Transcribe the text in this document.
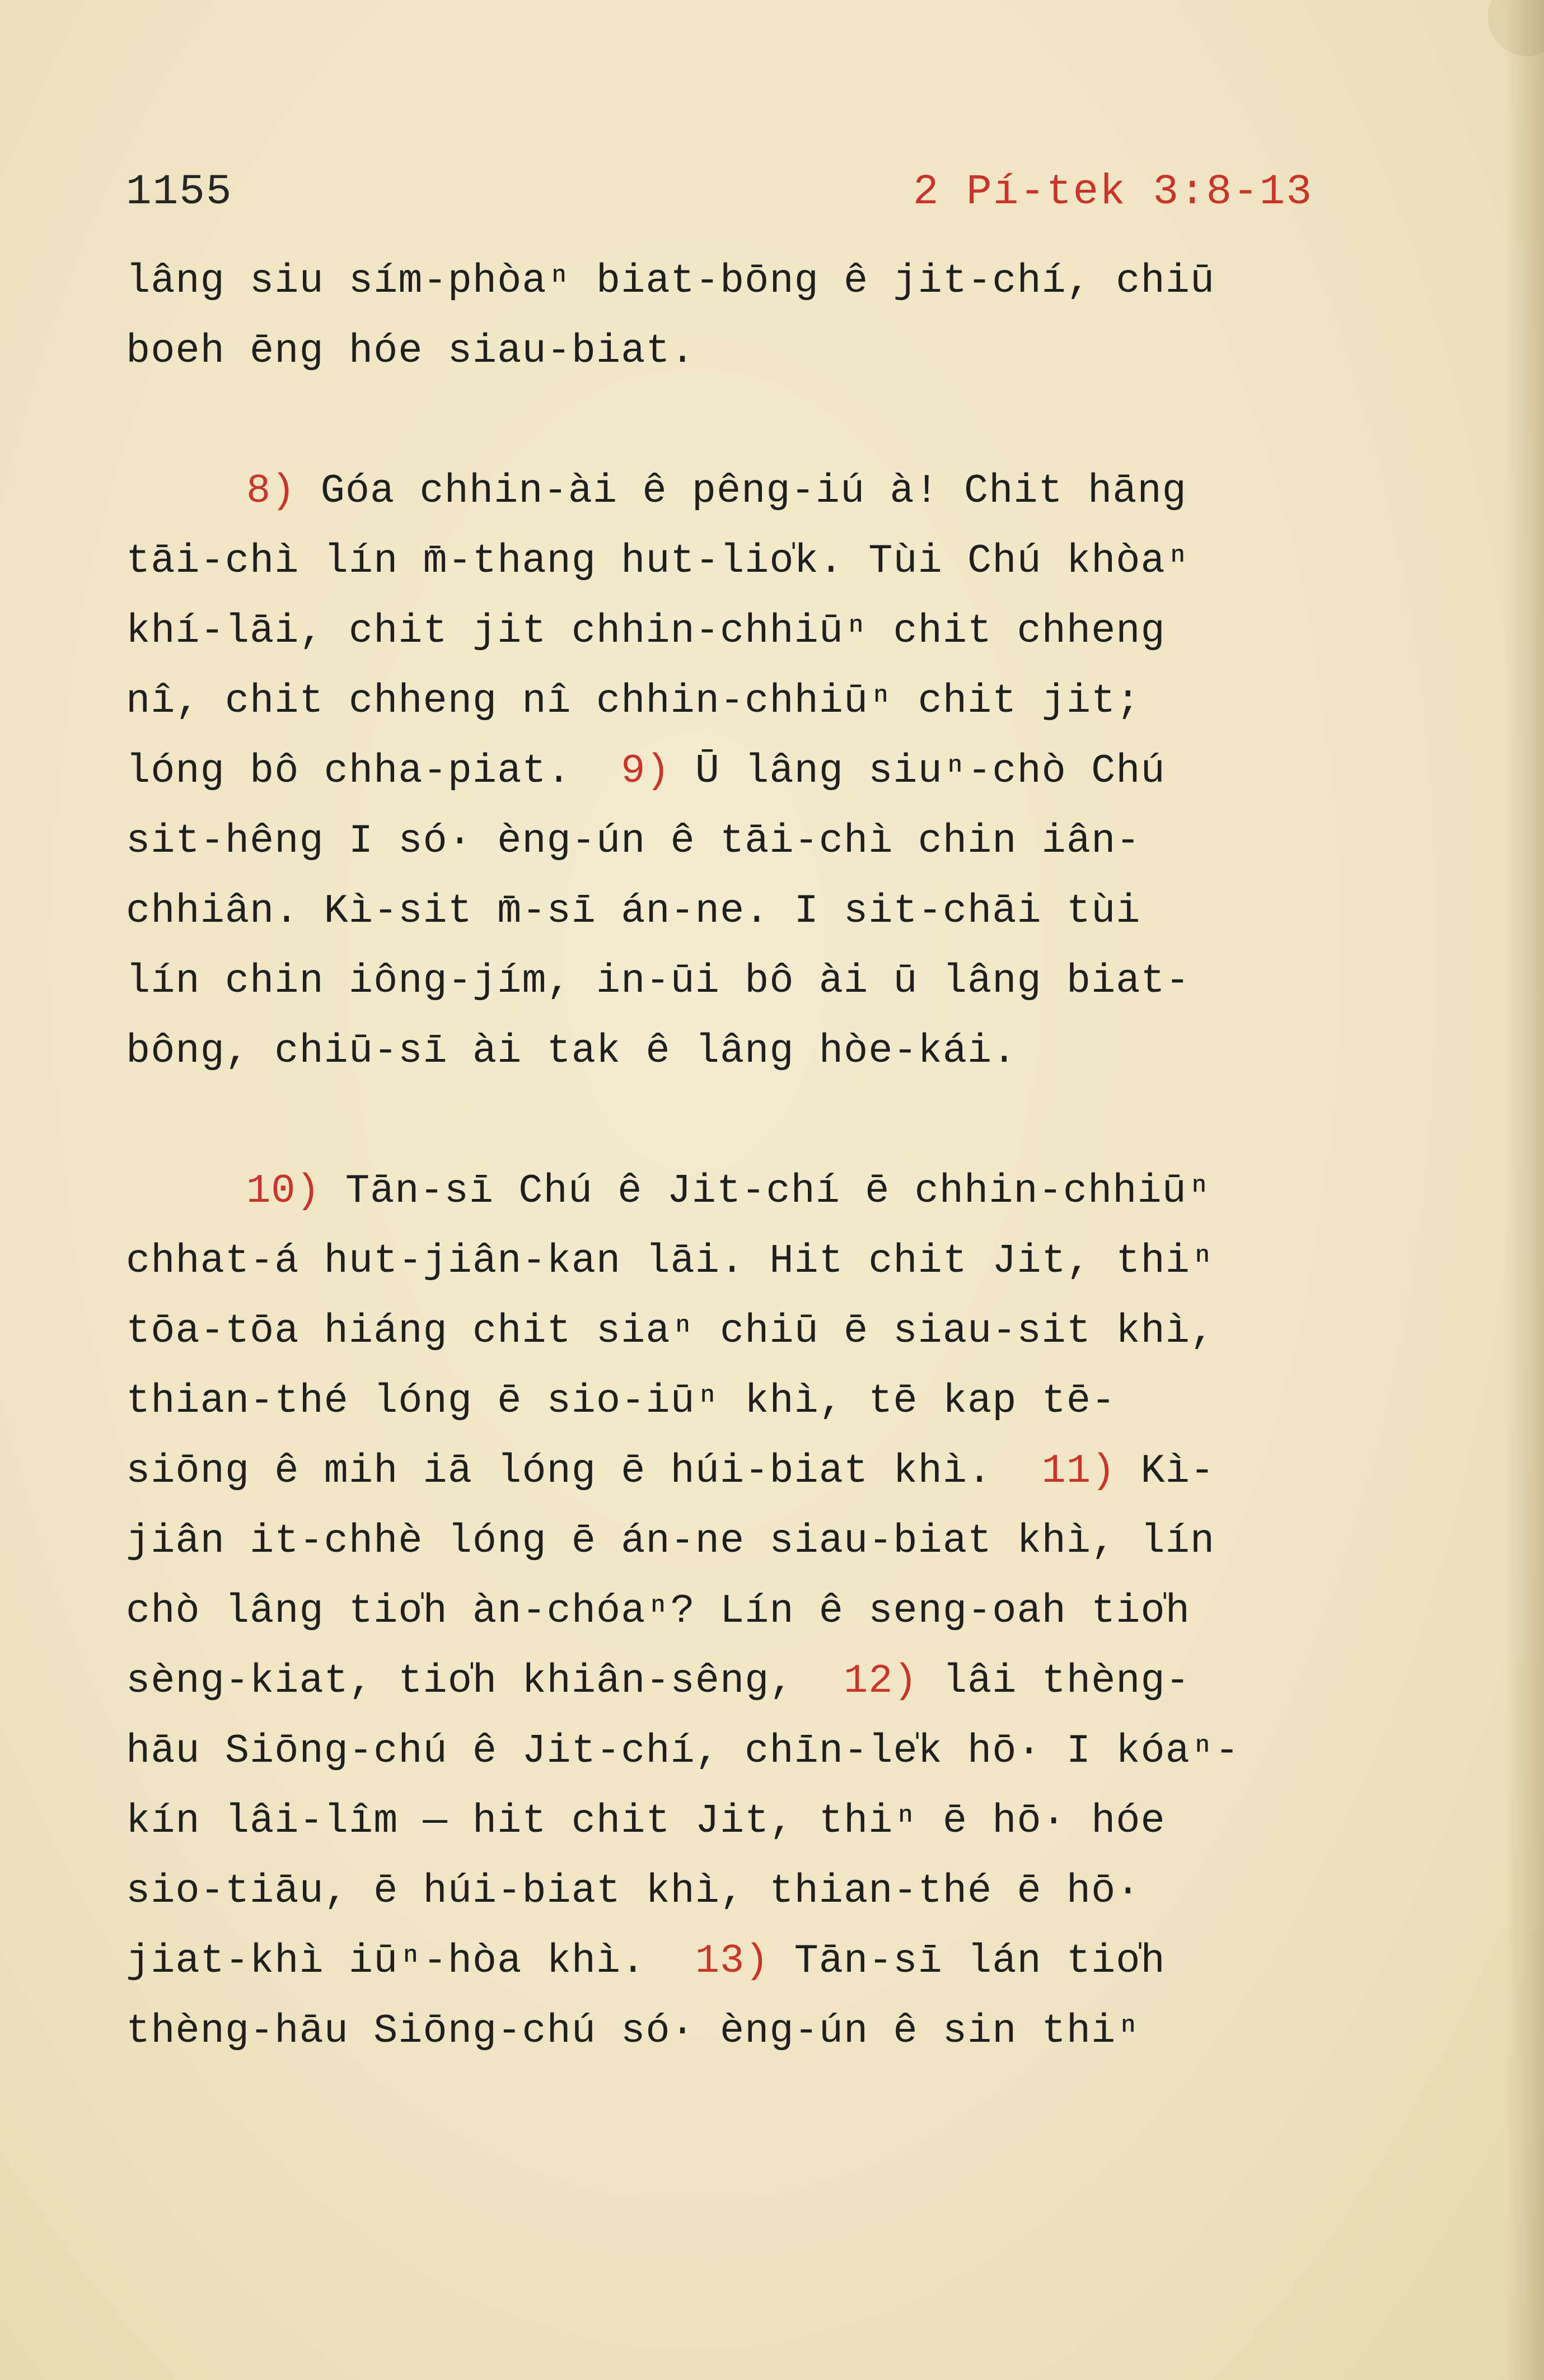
1155	2 Pí-tek 3:8-13
lâng siu sím-phòaⁿ biat-bōng ê jit-chí, chiū
boeh ēng hóe siau-biat.
8) Góa chhin-ài ê pêng-iú à! Chit hāng
tāi-chì lín m̄-thang hut-lio̍k. Tùi Chú khòaⁿ
khí-lāi, chit jit chhin-chhiūⁿ chit chheng
nî, chit chheng nî chhin-chhiūⁿ chit jit;
lóng bô chha-piat.  9) Ū lâng siuⁿ-chò Chú
sit-hêng I só· èng-ún ê tāi-chì chin iân-
chhiân. Kì-sit m̄-sī án-ne. I sit-chāi tùi
lín chin iông-jím, in-ūi bô ài ū lâng biat-
bông, chiū-sī ài tak ê lâng hòe-kái.
10) Tān-sī Chú ê Jit-chí ē chhin-chhiūⁿ
chhat-á hut-jiân-kan lāi. Hit chit Jit, thiⁿ
tōa-tōa hiáng chit siaⁿ chiū ē siau-sit khì,
thian-thé lóng ē sio-iūⁿ khì, tē kap tē-
siōng ê mih iā lóng ē húi-biat khì.  11) Kì-
jiân it-chhè lóng ē án-ne siau-biat khì, lín
chò lâng tio̍h àn-chóaⁿ? Lín ê seng-oah tio̍h
sèng-kiat, tio̍h khiân-sêng,  12) lâi thèng-
hāu Siōng-chú ê Jit-chí, chīn-le̍k hō· I kóaⁿ-
kín lâi-lîm — hit chit Jit, thiⁿ ē hō· hóe
sio-tiāu, ē húi-biat khì, thian-thé ē hō·
jiat-khì iūⁿ-hòa khì.  13) Tān-sī lán tio̍h
thèng-hāu Siōng-chú só· èng-ún ê sin thiⁿ
